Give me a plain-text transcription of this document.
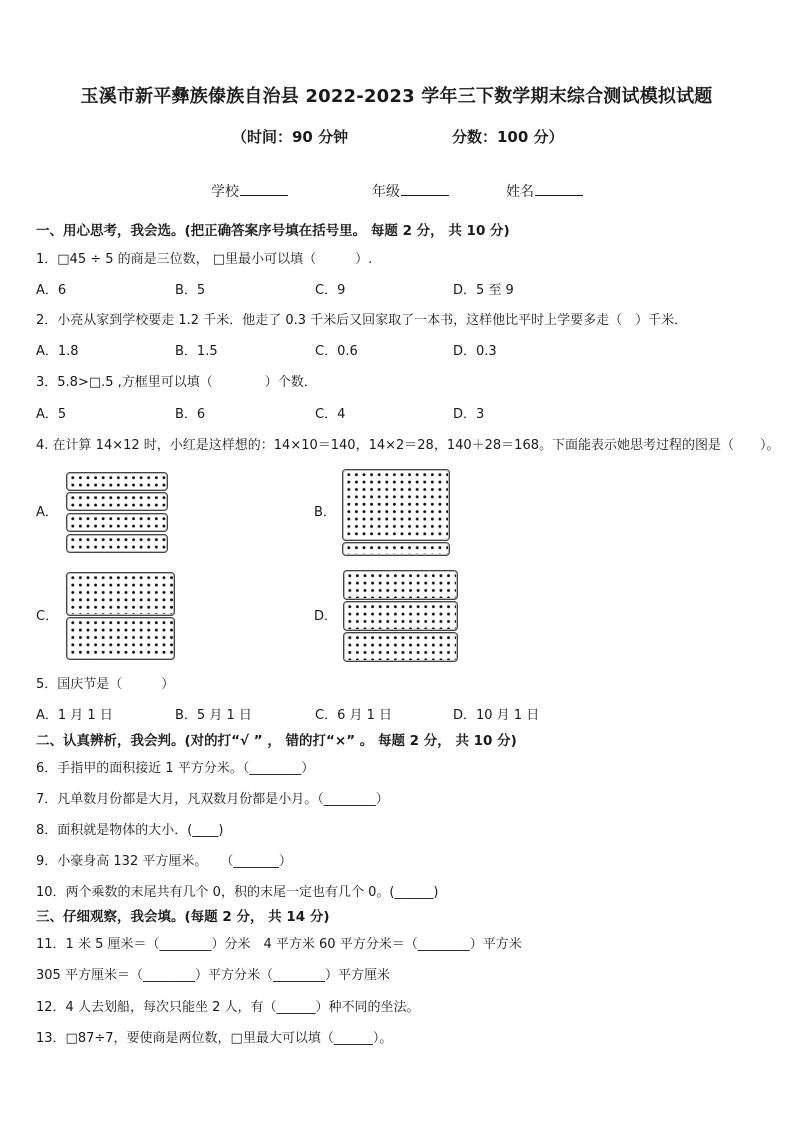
玉溪市新平彝族傣族自治县 2022-2023 学年三下数学期末综合测试模拟试题
（时间：90 分钟	分数：100 分）
学校	年级	姓名
一、用心思考，我会选。(把正确答案序号填在括号里。 每题 2 分， 共 10 分)
1．□45 ÷ 5 的商是三位数， □里最小可以填（　　　）.
A．6	B．5	C．9	D．5 至 9
2．小亮从家到学校要走 1.2 千米．他走了 0.3 千米后又回家取了一本书，这样他比平时上学要多走（　）千米．
A．1.8	B．1.5	C．0.6	D．0.3
3．5.8>□.5 ,方框里可以填（　　　　）个数．
A．5	B．6	C．4	D．3
4. 在计算 14×12 时，小红是这样想的：14×10＝140，14×2＝28，140＋28＝168。下面能表示她思考过程的图是（　　）。
A．	B．
C．	D．
5．国庆节是（　　　）
A．1 月 1 日	B．5 月 1 日	C．6 月 1 日	D．10 月 1 日
二、认真辨析，我会判。(对的打“√ ” ， 错的打“×” 。 每题 2 分， 共 10 分)
6．手指甲的面积接近 1 平方分米。（________）
7．凡单数月份都是大月，凡双数月份都是小月。（________）
8．面积就是物体的大小．(____)
9．小豪身高 132 平方厘米。　　（_______）
10．两个乘数的末尾共有几个 0，积的末尾一定也有几个 0。(______)
三、仔细观察，我会填。(每题 2 分， 共 14 分)
11．1 米 5 厘米＝（________）分米　4 平方米 60 平方分米＝（________）平方米
305 平方厘米＝（________）平方分米（________）平方厘米
12．4 人去划船，每次只能坐 2 人，有（______）种不同的坐法。
13．□87÷7，要使商是两位数，□里最大可以填（______）。
